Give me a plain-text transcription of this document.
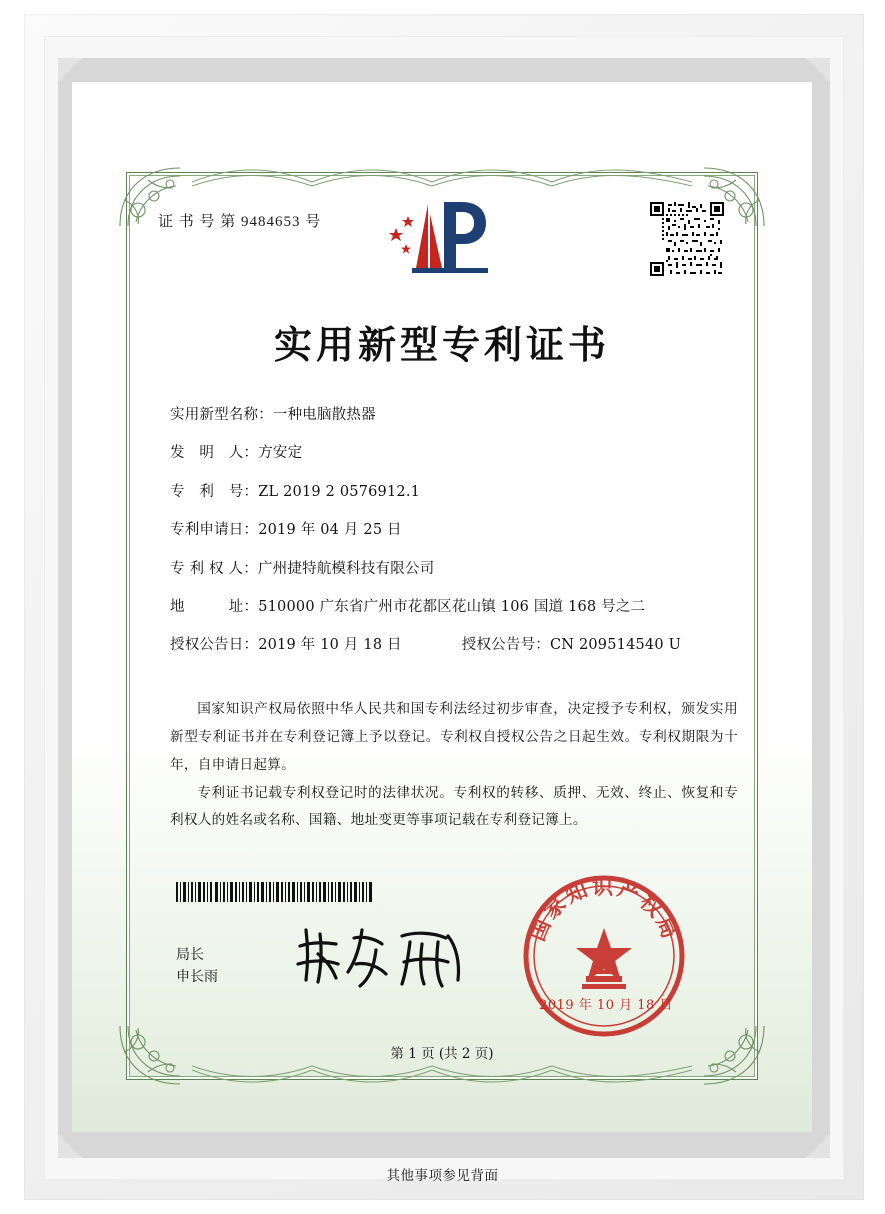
证 书 号 第 9484653 号
实用新型专利证书
实用新型名称： 一种电脑散热器
发　明　人： 方安定
专　利　号： ZL 2019 2 0576912.1
专利申请日： 2019 年 04 月 25 日
专 利 权 人： 广州捷特航模科技有限公司
地　　　址： 510000 广东省广州市花都区花山镇 106 国道 168 号之二
授权公告日： 2019 年 10 月 18 日	授权公告号： CN 209514540 U

国家知识产权局依照中华人民共和国专利法经过初步审查，决定授予专利权，颁发实用新型专利证书并在专利登记簿上予以登记。专利权自授权公告之日起生效。专利权期限为十年，自申请日起算。

专利证书记载专利权登记时的法律状况。专利权的转移、质押、无效、终止、恢复和专利权人的姓名或名称、国籍、地址变更等事项记载在专利登记簿上。

局长
申长雨
国家知识产权局
2019 年 10 月 18 日
第 1 页 (共 2 页)
其他事项参见背面
